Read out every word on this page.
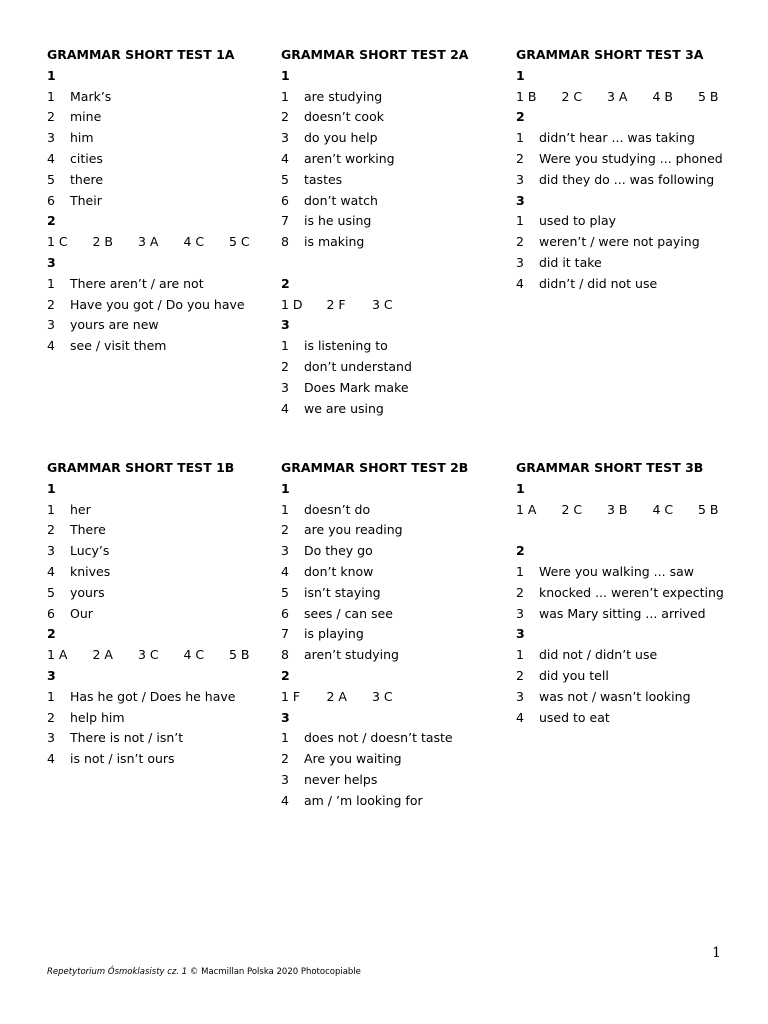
GRAMMAR SHORT TEST 1A
1
1 Mark’s
2 mine
3 him
4 cities
5 there
6 Their
2
1 C 2 B 3 A 4 C 5 C
3
1 There aren’t / are not
2 Have you got / Do you have
3 yours are new
4 see / visit them
GRAMMAR SHORT TEST 2A
1
1 are studying
2 doesn’t cook
3 do you help
4 aren’t working
5 tastes
6 don’t watch
7 is he using
8 is making
2
1 D 2 F 3 C
3
1 is listening to
2 don’t understand
3 Does Mark make
4 we are using
GRAMMAR SHORT TEST 3A
1
1 B 2 C 3 A 4 B 5 B
2
1 didn’t hear ... was taking
2 Were you studying ... phoned
3 did they do ... was following
3
1 used to play
2 weren’t / were not paying
3 did it take
4 didn’t / did not use
GRAMMAR SHORT TEST 1B
1
1 her
2 There
3 Lucy’s
4 knives
5 yours
6 Our
2
1 A 2 A 3 C 4 C 5 B
3
1 Has he got / Does he have
2 help him
3 There is not / isn’t
4 is not / isn’t ours
GRAMMAR SHORT TEST 2B
1
1 doesn’t do
2 are you reading
3 Do they go
4 don’t know
5 isn’t staying
6 sees / can see
7 is playing
8 aren’t studying
2
1 F 2 A 3 C
3
1 does not / doesn’t taste
2 Are you waiting
3 never helps
4 am / ’m looking for
GRAMMAR SHORT TEST 3B
1
1 A 2 C 3 B 4 C 5 B
2
1 Were you walking ... saw
2 knocked ... weren’t expecting
3 was Mary sitting ... arrived
3
1 did not / didn’t use
2 did you tell
3 was not / wasn’t looking
4 used to eat
1
Repetytorium Ósmoklasisty cz. 1 © Macmillan Polska 2020 Photocopiable
